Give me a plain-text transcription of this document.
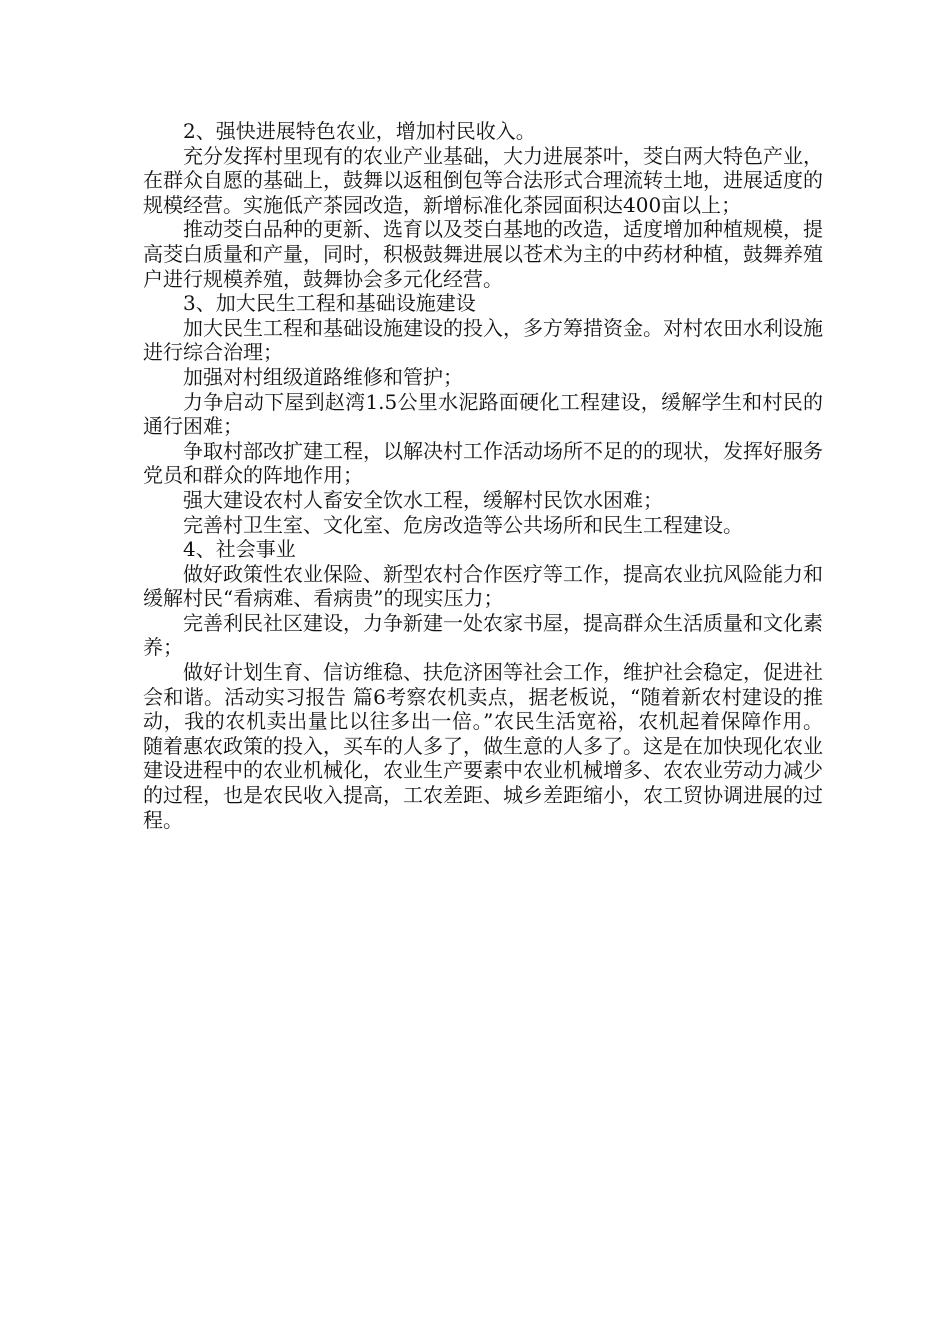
2、强快进展特色农业，增加村民收入。

充分发挥村里现有的农业产业基础，大力进展茶叶，茭白两大特色产业，在群众自愿的基础上，鼓舞以返租倒包等合法形式合理流转土地，进展适度的规模经营。实施低产茶园改造，新增标准化茶园面积达400亩以上；

推动茭白品种的更新、选育以及茭白基地的改造，适度增加种植规模，提高茭白质量和产量，同时，积极鼓舞进展以苍术为主的中药材种植，鼓舞养殖户进行规模养殖，鼓舞协会多元化经营。

3、加大民生工程和基础设施建设

加大民生工程和基础设施建设的投入，多方筹措资金。对村农田水利设施进行综合治理；

加强对村组级道路维修和管护；

力争启动下屋到赵湾1.5公里水泥路面硬化工程建设，缓解学生和村民的通行困难；

争取村部改扩建工程，以解决村工作活动场所不足的的现状，发挥好服务党员和群众的阵地作用；

强大建设农村人畜安全饮水工程，缓解村民饮水困难；

完善村卫生室、文化室、危房改造等公共场所和民生工程建设。

4、社会事业

做好政策性农业保险、新型农村合作医疗等工作，提高农业抗风险能力和缓解村民“看病难、看病贵”的现实压力；

完善利民社区建设，力争新建一处农家书屋，提高群众生活质量和文化素养；

做好计划生育、信访维稳、扶危济困等社会工作，维护社会稳定，促进社会和谐。活动实习报告 篇6考察农机卖点，据老板说，“随着新农村建设的推动，我的农机卖出量比以往多出一倍。”农民生活宽裕，农机起着保障作用。随着惠农政策的投入，买车的人多了，做生意的人多了。这是在加快现化农业建设进程中的农业机械化，农业生产要素中农业机械增多、农农业劳动力减少的过程，也是农民收入提高，工农差距、城乡差距缩小，农工贸协调进展的过程。
